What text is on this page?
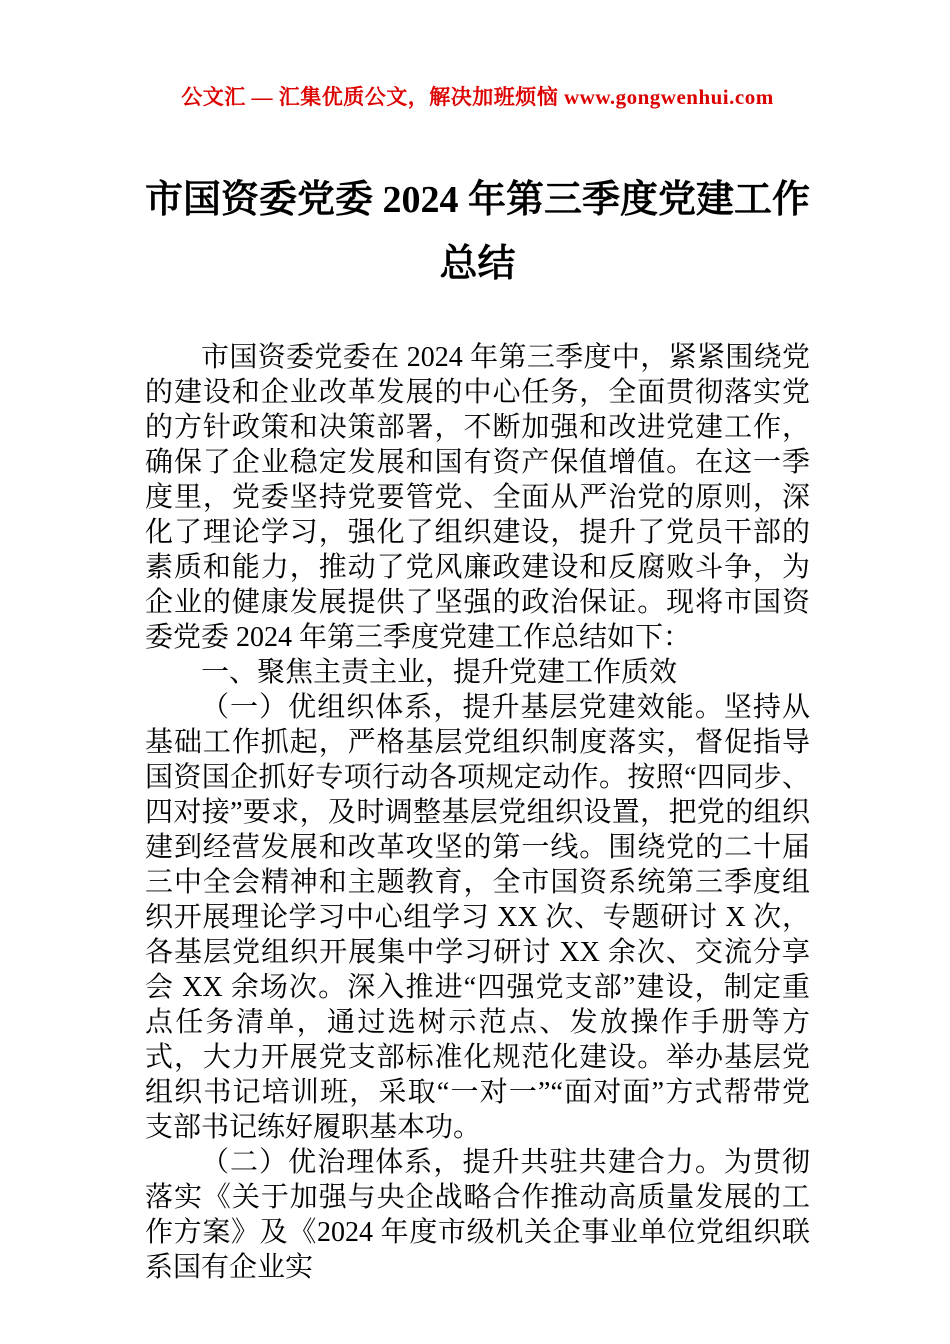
公文汇 — 汇集优质公文，解决加班烦恼 www.gongwenhui.com
市国资委党委 2024 年第三季度党建工作总结

市国资委党委在 2024 年第三季度中，紧紧围绕党的建设和企业改革发展的中心任务，全面贯彻落实党的方针政策和决策部署，不断加强和改进党建工作，确保了企业稳定发展和国有资产保值增值。在这一季度里，党委坚持党要管党、全面从严治党的原则，深化了理论学习，强化了组织建设，提升了党员干部的素质和能力，推动了党风廉政建设和反腐败斗争，为企业的健康发展提供了坚强的政治保证。现将市国资委党委 2024 年第三季度党建工作总结如下：

一、聚焦主责主业，提升党建工作质效

（一）优组织体系，提升基层党建效能。坚持从基础工作抓起，严格基层党组织制度落实，督促指导国资国企抓好专项行动各项规定动作。按照“四同步、四对接”要求，及时调整基层党组织设置，把党的组织建到经营发展和改革攻坚的第一线。围绕党的二十届三中全会精神和主题教育，全市国资系统第三季度组织开展理论学习中心组学习 XX 次、专题研讨 X 次，各基层党组织开展集中学习研讨 XX 余次、交流分享会 XX 余场次。深入推进“四强党支部”建设，制定重点任务清单，通过选树示范点、发放操作手册等方式，大力开展党支部标准化规范化建设。举办基层党组织书记培训班，采取“一对一”“面对面”方式帮带党支部书记练好履职基本功。

（二）优治理体系，提升共驻共建合力。为贯彻落实《关于加强与央企战略合作推动高质量发展的工作方案》及《2024 年度市级机关企事业单位党组织联系国有企业实
